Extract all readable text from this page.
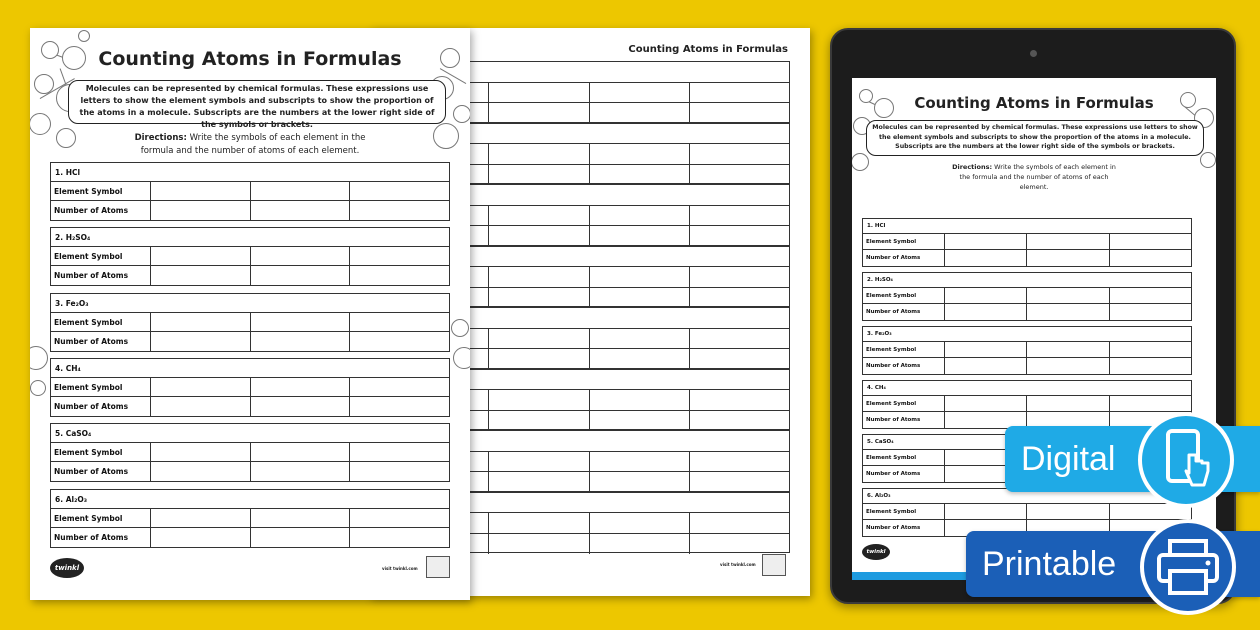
Counting Atoms in Formulas
visit twinkl.com
Counting Atoms in Formulas
Molecules can be represented by chemical formulas. These expressions use letters to show the element symbols and subscripts to show the proportion of the atoms in a molecule. Subscripts are the numbers at the lower right side of the symbols or brackets.
Directions: Write the symbols of each element in the formula and the number of atoms of each element.
1. HCl
Element Symbol
Number of Atoms
2. H₂SO₄
Element Symbol
Number of Atoms
3. Fe₂O₃
Element Symbol
Number of Atoms
4. CH₄
Element Symbol
Number of Atoms
5. CaSO₄
Element Symbol
Number of Atoms
6. Al₂O₃
Element Symbol
Number of Atoms
twinkl	visit twinkl.com
Counting Atoms in Formulas
Molecules can be represented by chemical formulas. These expressions use letters to show the element symbols and subscripts to show the proportion of the atoms in a molecule. Subscripts are the numbers at the lower right side of the symbols or brackets.
Directions: Write the symbols of each element in the formula and the number of atoms of each element.
1. HCl
Element Symbol
Number of Atoms
2. H₂SO₄
Element Symbol
Number of Atoms
3. Fe₂O₃
Element Symbol
Number of Atoms
4. CH₄
Element Symbol
Number of Atoms
5. CaSO₄
Element Symbol
Number of Atoms
6. Al₂O₃
Element Symbol
Number of Atoms
twinkl
Digital
Printable
